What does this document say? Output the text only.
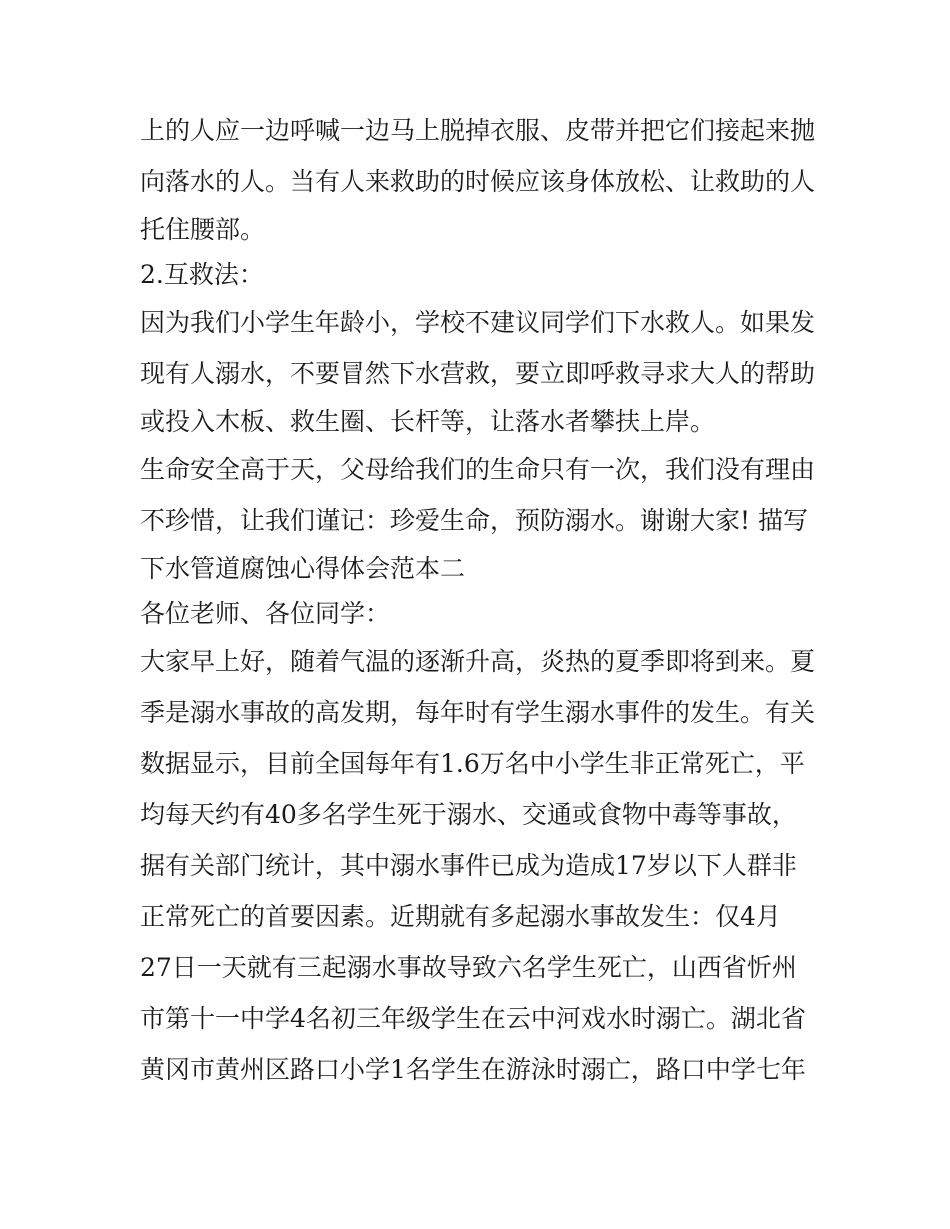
上的人应一边呼喊一边马上脱掉衣服、皮带并把它们接起来抛
向落水的人。当有人来救助的时候应该身体放松、让救助的人
托住腰部。
2.互救法：
因为我们小学生年龄小，学校不建议同学们下水救人。如果发
现有人溺水，不要冒然下水营救，要立即呼救寻求大人的帮助
或投入木板、救生圈、长杆等，让落水者攀扶上岸。
生命安全高于天，父母给我们的生命只有一次，我们没有理由
不珍惜，让我们谨记：珍爱生命，预防溺水。谢谢大家! 描写
下水管道腐蚀心得体会范本二
各位老师、各位同学：
大家早上好，随着气温的逐渐升高，炎热的夏季即将到来。夏
季是溺水事故的高发期，每年时有学生溺水事件的发生。有关
数据显示，目前全国每年有1.6万名中小学生非正常死亡，平
均每天约有40多名学生死于溺水、交通或食物中毒等事故，
据有关部门统计，其中溺水事件已成为造成17岁以下人群非
正常死亡的首要因素。近期就有多起溺水事故发生：仅4月
27日一天就有三起溺水事故导致六名学生死亡，山西省忻州
市第十一中学4名初三年级学生在云中河戏水时溺亡。湖北省
黄冈市黄州区路口小学1名学生在游泳时溺亡，路口中学七年
